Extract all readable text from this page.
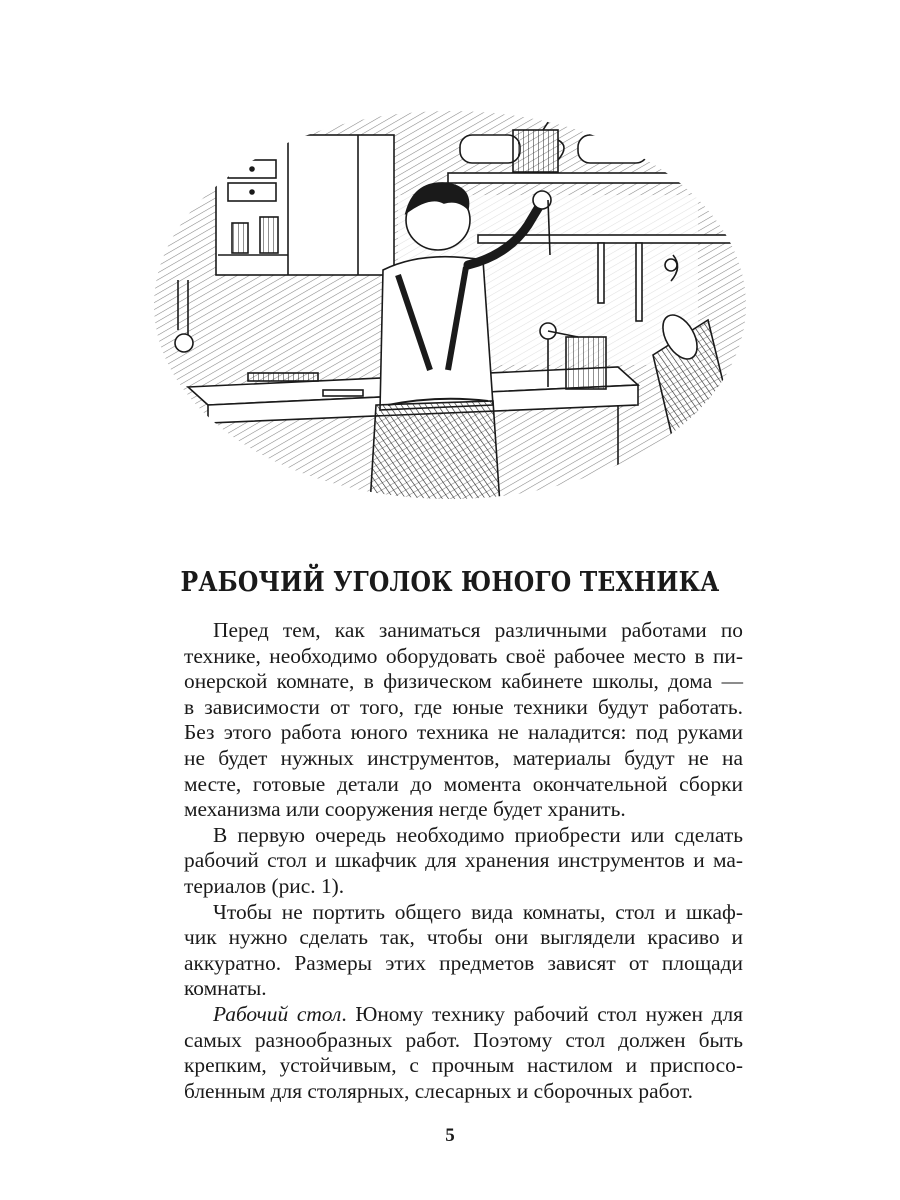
РАБОЧИЙ УГОЛОК ЮНОГО ТЕХНИКА

Перед тем, как заниматься различными работами по
технике, необходимо оборудовать своё рабочее место в пи-
онерской комнате, в физическом кабинете школы, дома —
в зависимости от того, где юные техники будут работать.
Без этого работа юного техника не наладится: под руками
не будет нужных инструментов, материалы будут не на
месте, готовые детали до момента окончательной сборки
механизма или сооружения негде будет хранить.

В первую очередь необходимо приобрести или сделать
рабочий стол и шкафчик для хранения инструментов и ма-
териалов (рис. 1).

Чтобы не портить общего вида комнаты, стол и шкаф-
чик нужно сделать так, чтобы они выглядели красиво и
аккуратно. Размеры этих предметов зависят от площади
комнаты.

Рабочий стол. Юному технику рабочий стол нужен для
самых разнообразных работ. Поэтому стол должен быть
крепким, устойчивым, с прочным настилом и приспосо-
бленным для столярных, слесарных и сборочных работ.

5
